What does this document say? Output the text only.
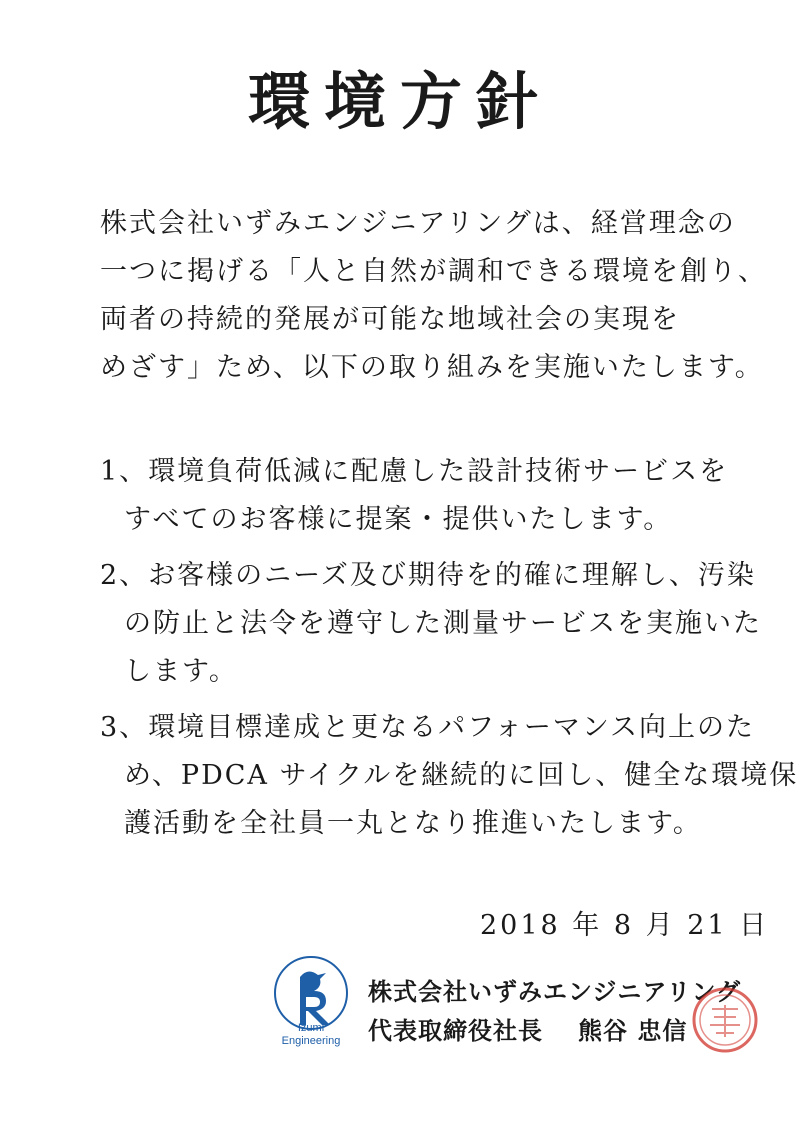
環境方針
株式会社いずみエンジニアリングは、経営理念の
一つに掲げる「人と自然が調和できる環境を創り、
両者の持続的発展が可能な地域社会の実現を
めざす」ため、以下の取り組みを実施いたします。
1、環境負荷低減に配慮した設計技術サービスを
すべてのお客様に提案・提供いたします。
2、お客様のニーズ及び期待を的確に理解し、汚染
の防止と法令を遵守した測量サービスを実施いた
します。
3、環境目標達成と更なるパフォーマンス向上のた
め、PDCA サイクルを継続的に回し、健全な環境保
護活動を全社員一丸となり推進いたします。
2018 年 8 月 21 日
Izumi
Engineering
株式会社いずみエンジニアリング
代表取締役社長 熊谷 忠信
